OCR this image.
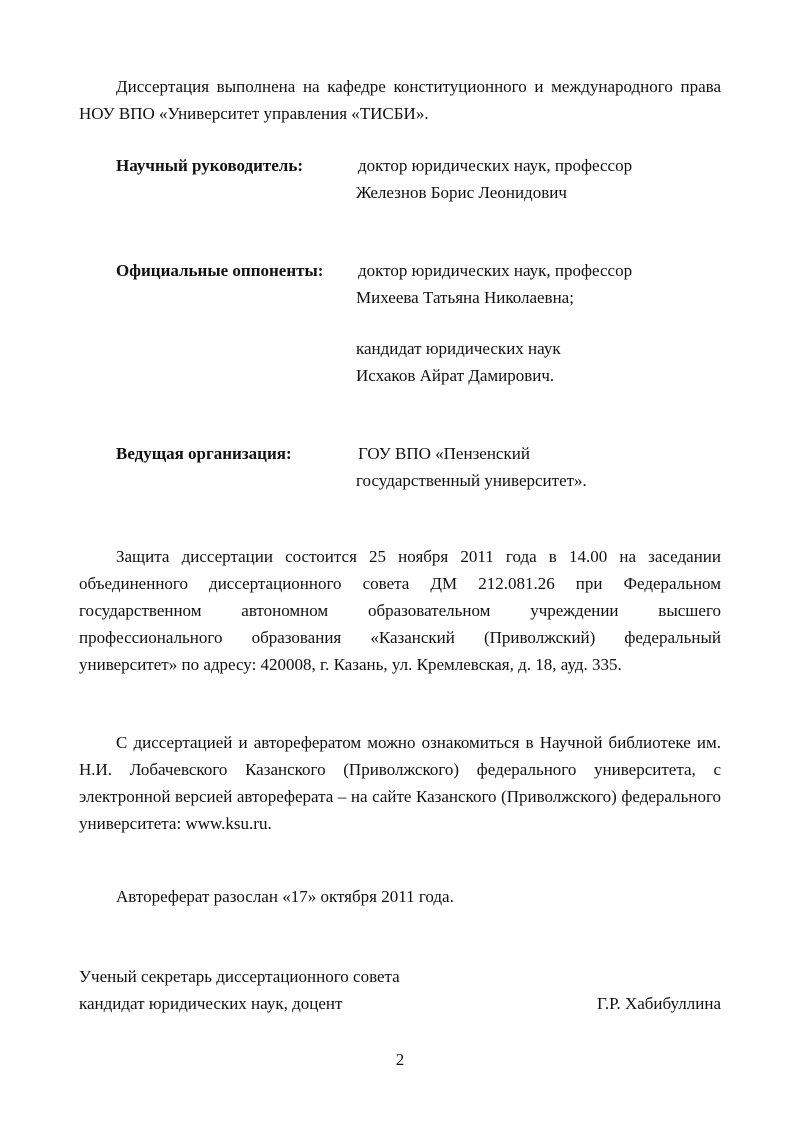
Диссертация выполнена на кафедре конституционного и международного права НОУ ВПО «Университет управления «ТИСБИ».
Научный руководитель:	доктор юридических наук, профессор
Железнов Борис Леонидович
Официальные оппоненты: доктор юридических наук, профессор
Михеева Татьяна Николаевна;
кандидат юридических наук
Исхаков Айрат Дамирович.
Ведущая организация:	ГОУ ВПО «Пензенский
государственный университет».
Защита диссертации состоится 25 ноября 2011 года в 14.00 на заседании объединенного диссертационного совета ДМ 212.081.26 при Федеральном государственном автономном образовательном учреждении высшего профессионального образования «Казанский (Приволжский) федеральный университет» по адресу: 420008, г. Казань, ул. Кремлевская, д. 18, ауд. 335.
С диссертацией и авторефератом можно ознакомиться в Научной библиотеке им. Н.И. Лобачевского Казанского (Приволжского) федерального университета, с электронной версией автореферата – на сайте Казанского (Приволжского) федерального университета: www.ksu.ru.
Автореферат разослан «17» октября 2011 года.
Ученый секретарь диссертационного совета
кандидат юридических наук, доцент	Г.Р. Хабибуллина
2
